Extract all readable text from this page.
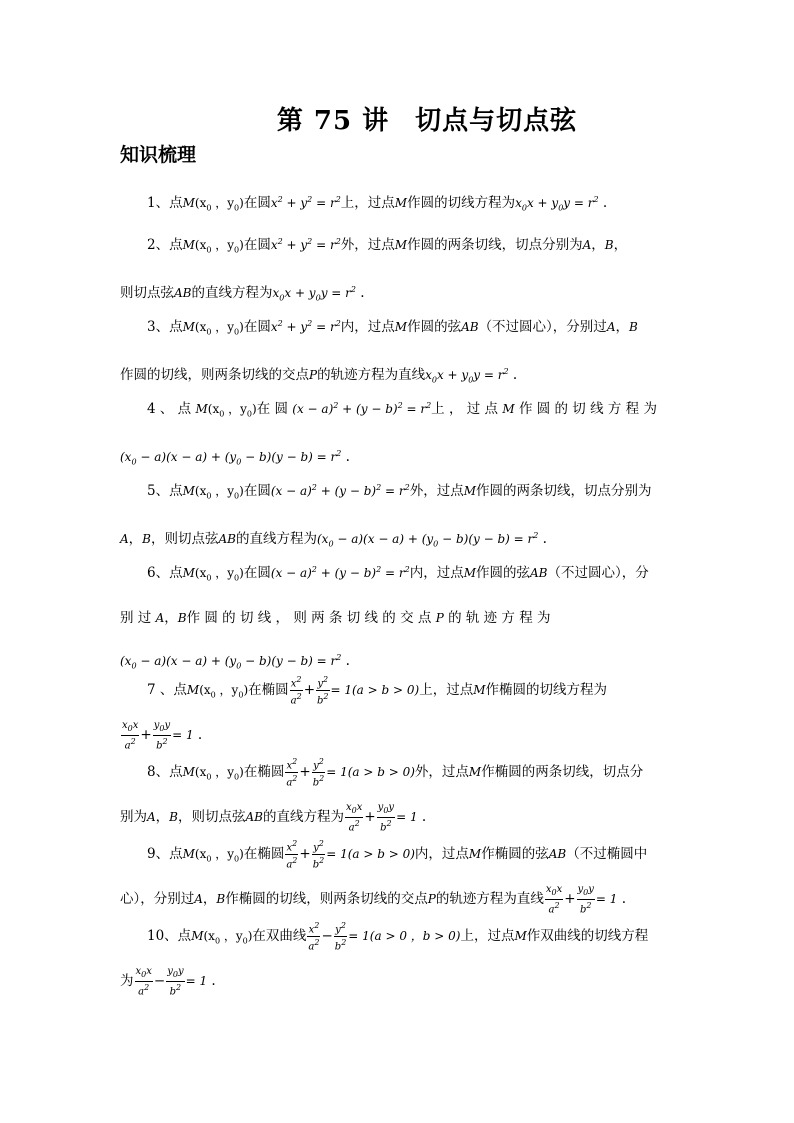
第 75 讲 切点与切点弦
知识梳理
1、点$M(x_0$ ，$y_0$)在圆$x^2 + y^2 = r^2$上，过点M作圆的切线方程为$x_0x + y_0y = r^2$ .
2、点$M(x_0$ ，$y_0$)在圆$x^2 + y^2 = r^2$外，过点M作圆的两条切线，切点分别为A，B，
则切点弦AB的直线方程为$x_0x + y_0y = r^2$ .
3、点$M(x_0$ ，$y_0$)在圆$x^2 + y^2 = r^2$内，过点M作圆的弦AB（不过圆心），分别过A，B
作圆的切线，则两条切线的交点P的轨迹方程为直线$x_0x + y_0y = r^2$ .
4 、 点 $M(x_0$ ，$y_0$)在 圆 $(x - a)^2 + (y - b)^2 = r^2$上 ， 过 点 M 作 圆 的 切 线 方 程 为
$(x_0 - a)(x - a) + (y_0 - b)(y - b) = r^2$ .
5、点$M(x_0$ ，$y_0$)在圆$(x - a)^2 + (y - b)^2 = r^2$外，过点M作圆的两条切线，切点分别为
A，B，则切点弦AB的直线方程为$(x_0 - a)(x - a) + (y_0 - b)(y - b) = r^2$ .
6、点$M(x_0$ ，$y_0$)在圆$(x - a)^2 + (y - b)^2 = r^2$内，过点M作圆的弦AB（不过圆心），分
别 过 A，B作 圆 的 切 线 ， 则 两 条 切 线 的 交 点 P 的 轨 迹 方 程 为
$(x_0 - a)(x - a) + (y_0 - b)(y - b) = r^2$ .
7 、点$M(x_0$ ，$y_0$)在椭圆 $\frac{x^2}{a^2} + \frac{y^2}{b^2} = 1(a > b > 0)$上，过点M作椭圆的切线方程为
$\frac{x_0x}{a^2} + \frac{y_0y}{b^2} = 1$ .
8、点$M(x_0$ ，$y_0$)在椭圆 $\frac{x^2}{a^2} + \frac{y^2}{b^2} = 1(a > b > 0)$外，过点M作椭圆的两条切线，切点分
别为A，B，则切点弦AB的直线方程为 $\frac{x_0x}{a^2} + \frac{y_0y}{b^2} = 1$ .
9、点$M(x_0$ ，$y_0$)在椭圆 $\frac{x^2}{a^2} + \frac{y^2}{b^2} = 1(a > b > 0)$内，过点M作椭圆的弦AB（不过椭圆中
心），分别过A，B作椭圆的切线，则两条切线的交点P的轨迹方程为直线 $\frac{x_0x}{a^2} + \frac{y_0y}{b^2} = 1$ .
10、点$M(x_0$ ，$y_0$)在双曲线 $\frac{x^2}{a^2} - \frac{y^2}{b^2} = 1(a > 0$ ，b > 0)上，过点M作双曲线的切线方程
为 $\frac{x_0x}{a^2} - \frac{y_0y}{b^2} = 1$ .
